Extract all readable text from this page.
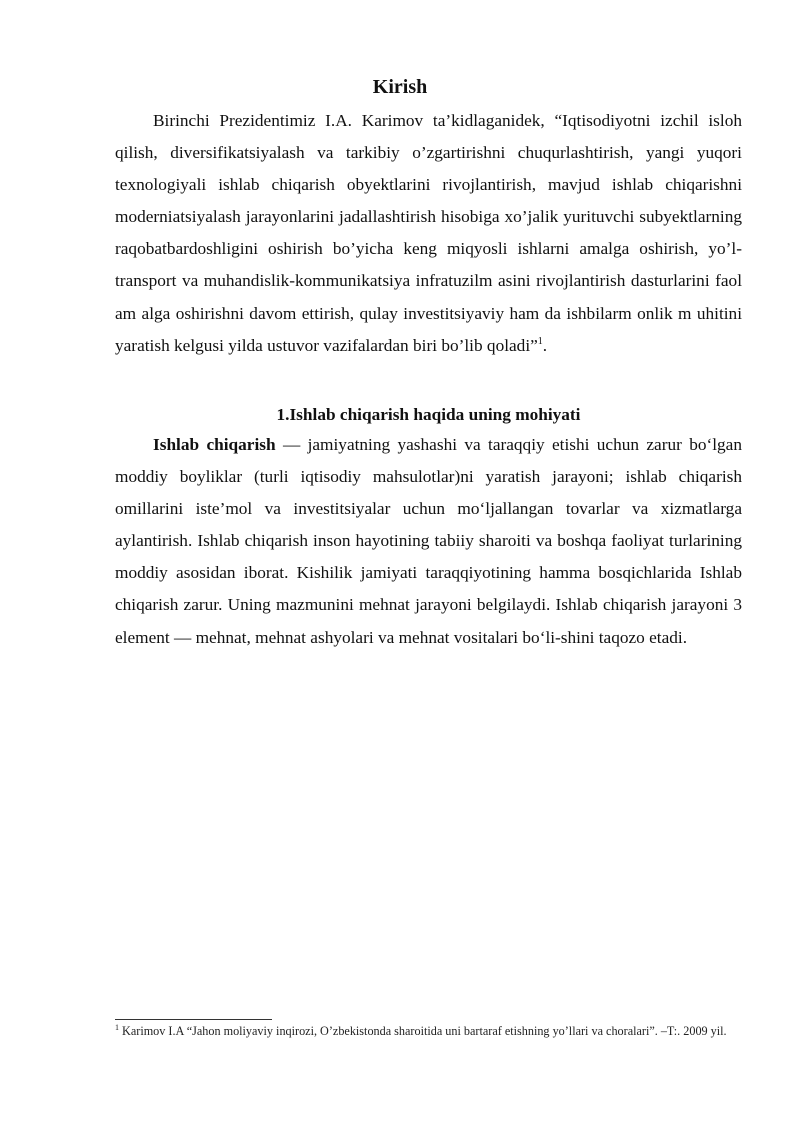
Kirish

Birinchi Prezidentimiz I.A. Karimov ta’kidlaganidek, “Iqtisodiyotni izchil isloh qilish, diversifikatsiyalash va tarkibiy o’zgartirishni chuqurlashtirish, yangi yuqori texnologiyali ishlab chiqarish obyektlarini rivojlantirish, mavjud ishlab chiqarishni moderniatsiyalash jarayonlarini jadallashtirish hisobiga xo’jalik yurituvchi subyektlarning raqobatbardoshligini oshirish bo’yicha keng miqyosli ishlarni amalga oshirish, yo’l-transport va muhandislik-kommunikatsiya infratuzilm asini rivojlantirish dasturlarini faol am alga oshirishni davom ettirish, qulay investitsiyaviy ham da ishbilarm onlik m uhitini yaratish kelgusi yilda ustuvor vazifalardan biri bo’lib qoladi”$^1$.

1.Ishlab chiqarish haqida uning mohiyati

Ishlab chiqarish — jamiyatning yashashi va taraqqiy etishi uchun zarur bo‘lgan moddiy boyliklar (turli iqtisodiy mahsulotlar)ni yaratish jarayoni; ishlab chiqarish omillarini iste’mol va investitsiyalar uchun mo‘ljallangan tovarlar va xizmatlarga aylantirish. Ishlab chiqarish inson hayotining tabiiy sharoiti va boshqa faoliyat turlarining moddiy asosidan iborat. Kishilik jamiyati taraqqiyotining hamma bosqichlarida Ishlab chiqarish zarur. Uning mazmunini mehnat jarayoni belgilaydi. Ishlab chiqarish jarayoni 3 element — mehnat, mehnat ashyolari va mehnat vositalari bo‘li-shini taqozo etadi.

$^1$ Karimov I.A “Jahon moliyaviy inqirozi, O’zbekistonda sharoitida uni bartaraf etishning yo’llari va choralari”. –T:. 2009 yil.
